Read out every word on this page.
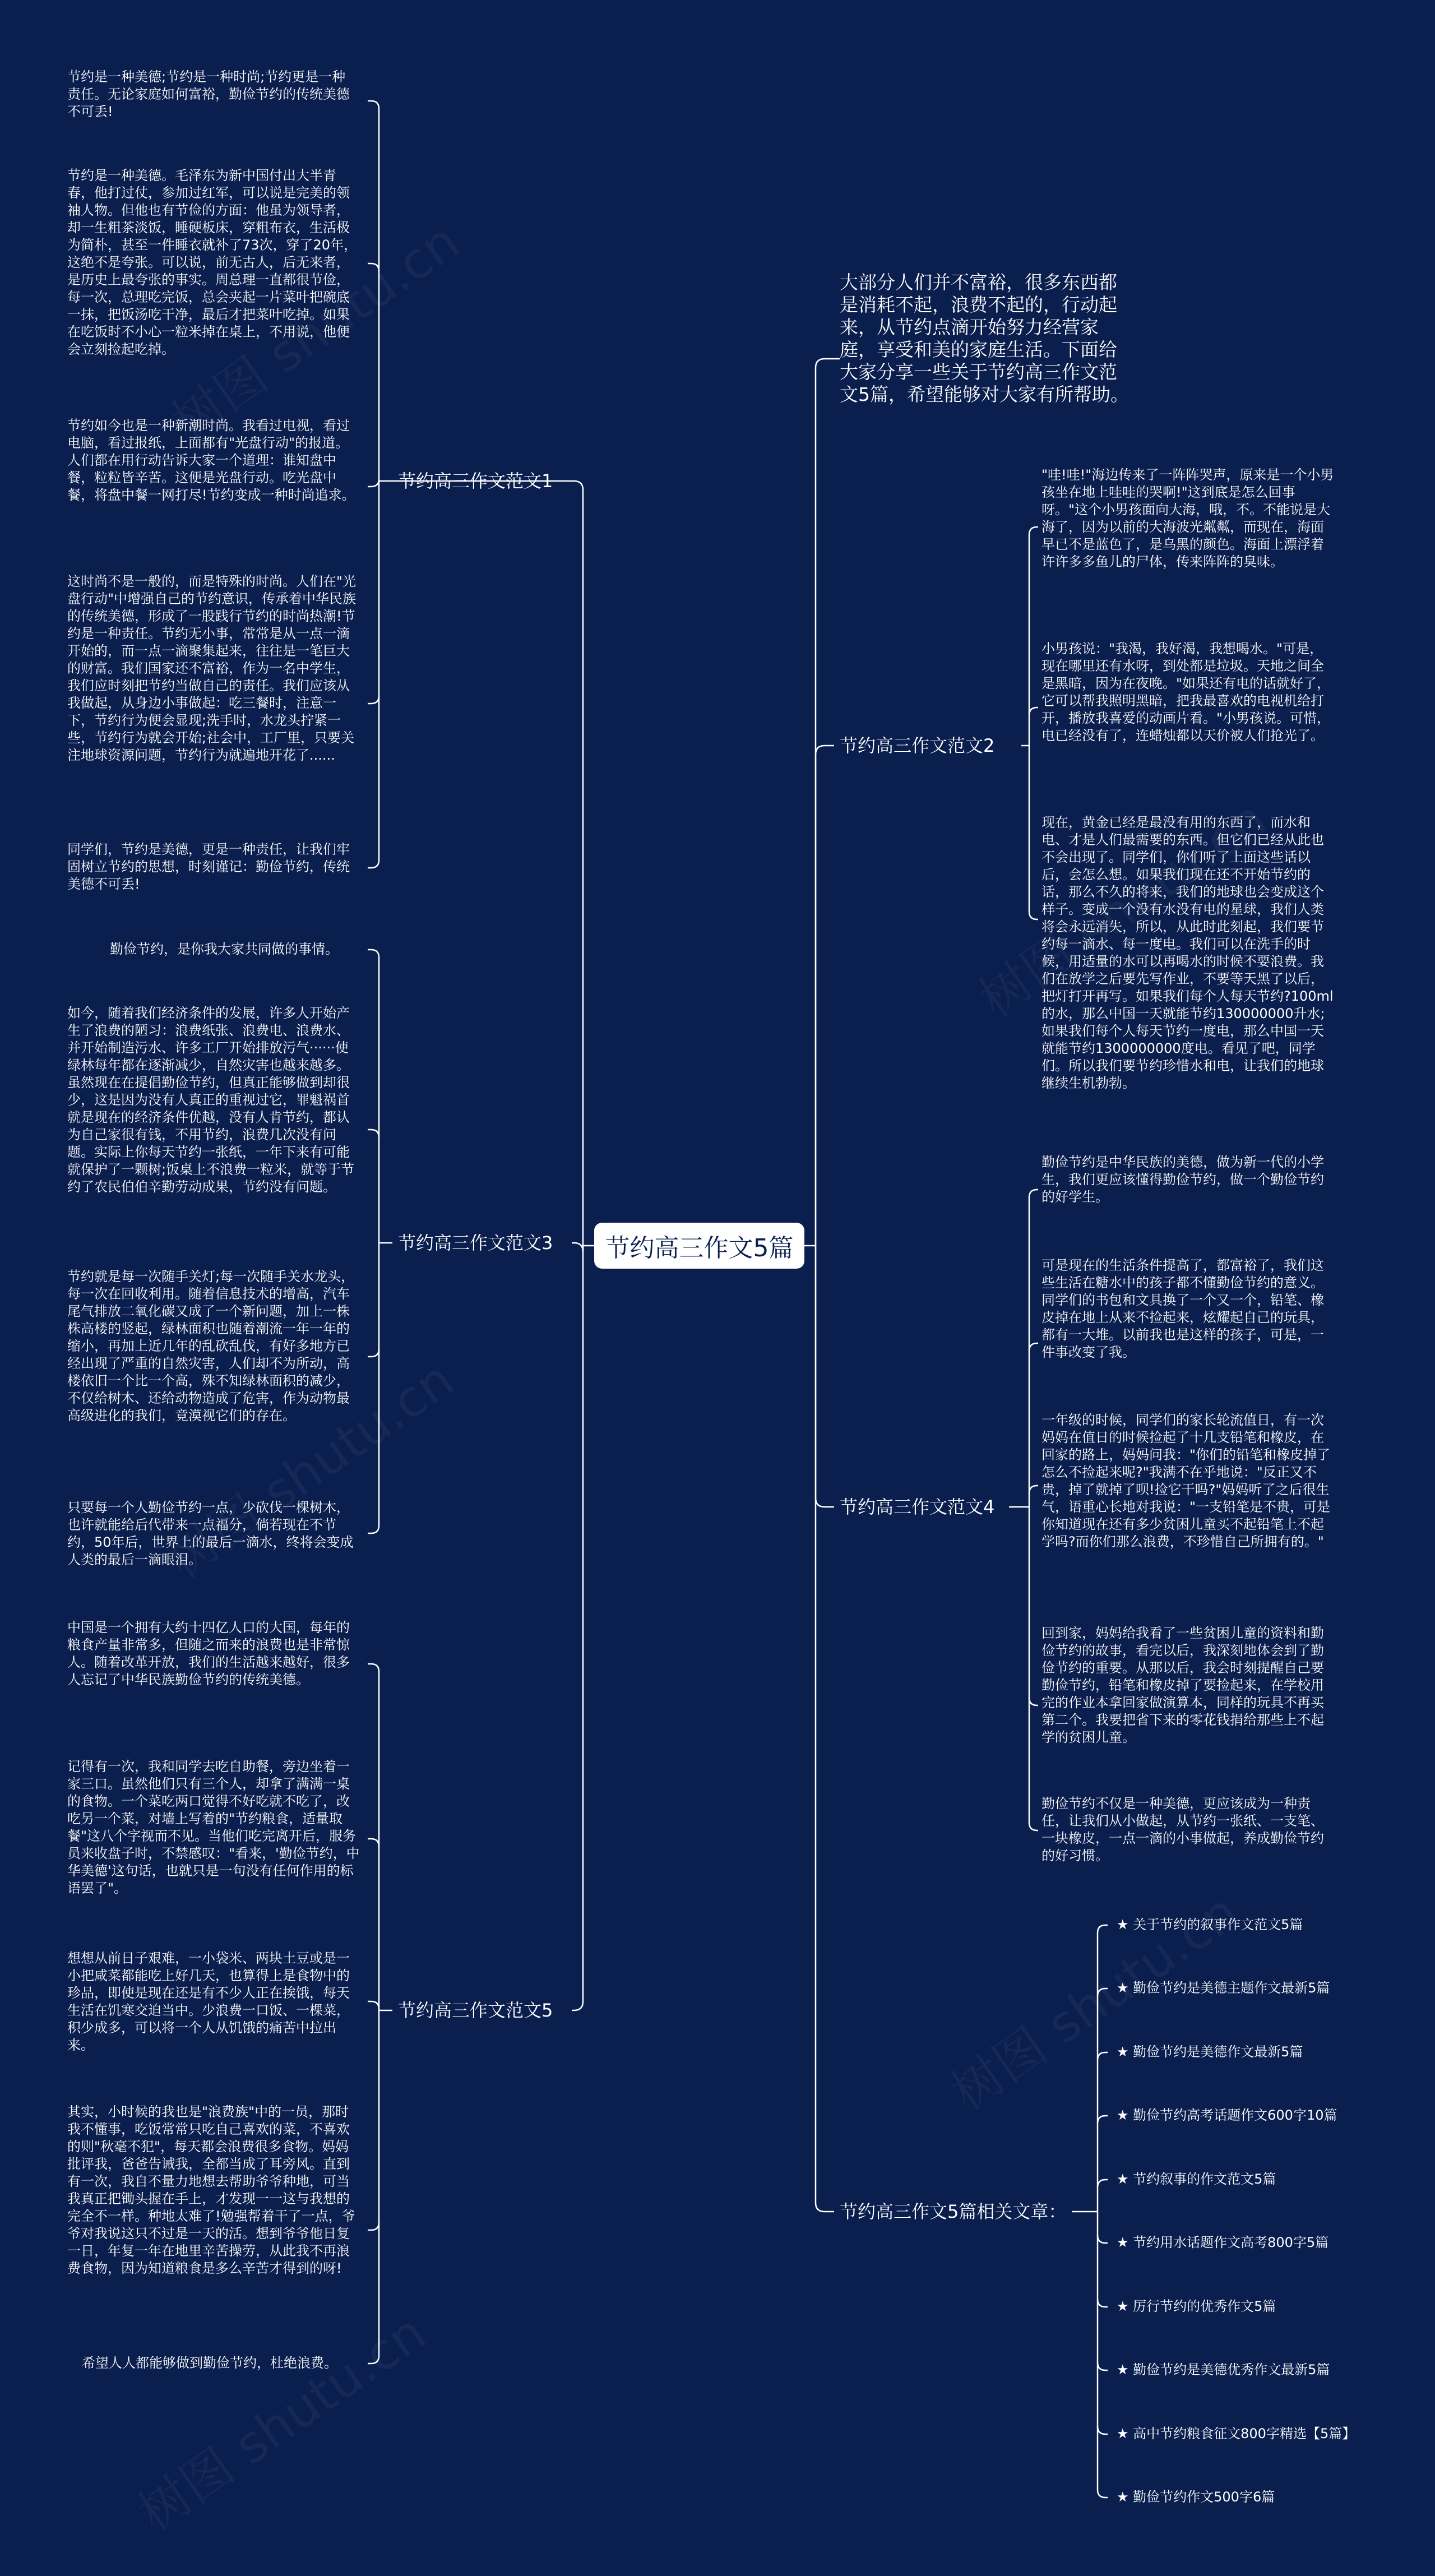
节约高三作文5篇
大部分人们并不富裕，很多东西都是消耗不起，浪费不起的，行动起来，从节约点滴开始努力经营家庭，享受和美的家庭生活。下面给大家分享一些关于节约高三作文范文5篇，希望能够对大家有所帮助。
节约高三作文范文1
节约高三作文范文3
节约高三作文范文5
节约高三作文范文2
节约高三作文范文4
节约高三作文5篇相关文章：
节约是一种美德;节约是一种时尚;节约更是一种责任。无论家庭如何富裕，勤俭节约的传统美德不可丢!
节约是一种美德。毛泽东为新中国付出大半青春，他打过仗，参加过红军，可以说是完美的领袖人物。但他也有节俭的方面：他虽为领导者，却一生粗茶淡饭，睡硬板床，穿粗布衣，生活极为简朴，甚至一件睡衣就补了73次，穿了20年，这绝不是夸张。可以说，前无古人，后无来者，是历史上最夸张的事实。周总理一直都很节俭，每一次，总理吃完饭，总会夹起一片菜叶把碗底一抹，把饭汤吃干净，最后才把菜叶吃掉。如果在吃饭时不小心一粒米掉在桌上，不用说，他便会立刻捡起吃掉。
节约如今也是一种新潮时尚。我看过电视，看过电脑，看过报纸，上面都有"光盘行动"的报道。人们都在用行动告诉大家一个道理：谁知盘中餐，粒粒皆辛苦。这便是光盘行动。吃光盘中餐，将盘中餐一网打尽!节约变成一种时尚追求。
这时尚不是一般的，而是特殊的时尚。人们在"光盘行动"中增强自己的节约意识，传承着中华民族的传统美德，形成了一股践行节约的时尚热潮!节约是一种责任。节约无小事，常常是从一点一滴开始的，而一点一滴聚集起来，往往是一笔巨大的财富。我们国家还不富裕，作为一名中学生，我们应时刻把节约当做自己的责任。我们应该从我做起，从身边小事做起：吃三餐时，注意一下，节约行为便会显现;洗手时，水龙头拧紧一些，节约行为就会开始;社会中，工厂里，只要关注地球资源问题，节约行为就遍地开花了......
同学们，节约是美德，更是一种责任，让我们牢固树立节约的思想，时刻谨记：勤俭节约，传统美德不可丢!
勤俭节约，是你我大家共同做的事情。
如今，随着我们经济条件的发展，许多人开始产生了浪费的陋习：浪费纸张、浪费电、浪费水、并开始制造污水、许多工厂开始排放污气······使绿林每年都在逐渐减少，自然灾害也越来越多。虽然现在在提倡勤俭节约，但真正能够做到却很少，这是因为没有人真正的重视过它，罪魁祸首就是现在的经济条件优越，没有人肯节约，都认为自己家很有钱，不用节约，浪费几次没有问题。实际上你每天节约一张纸，一年下来有可能就保护了一颗树;饭桌上不浪费一粒米，就等于节约了农民伯伯辛勤劳动成果，节约没有问题。
节约就是每一次随手关灯;每一次随手关水龙头，每一次在回收利用。随着信息技术的增高，汽车尾气排放二氧化碳又成了一个新问题，加上一株株高楼的竖起，绿林面积也随着潮流一年一年的缩小，再加上近几年的乱砍乱伐，有好多地方已经出现了严重的自然灾害，人们却不为所动，高楼依旧一个比一个高，殊不知绿林面积的减少，不仅给树木、还给动物造成了危害，作为动物最高级进化的我们，竟漠视它们的存在。
只要每一个人勤俭节约一点，少砍伐一棵树木，也许就能给后代带来一点福分，倘若现在不节约，50年后，世界上的最后一滴水，终将会变成人类的最后一滴眼泪。
中国是一个拥有大约十四亿人口的大国，每年的粮食产量非常多，但随之而来的浪费也是非常惊人。随着改革开放，我们的生活越来越好，很多人忘记了中华民族勤俭节约的传统美德。
记得有一次，我和同学去吃自助餐，旁边坐着一家三口。虽然他们只有三个人，却拿了满满一桌的食物。一个菜吃两口觉得不好吃就不吃了，改吃另一个菜，对墙上写着的"节约粮食，适量取餐"这八个字视而不见。当他们吃完离开后，服务员来收盘子时，不禁感叹："看来，'勤俭节约，中华美德'这句话，也就只是一句没有任何作用的标语罢了"。
想想从前日子艰难，一小袋米、两块土豆或是一小把咸菜都能吃上好几天，也算得上是食物中的珍品，即使是现在还是有不少人正在挨饿，每天生活在饥寒交迫当中。少浪费一口饭、一棵菜，积少成多，可以将一个人从饥饿的痛苦中拉出来。
其实，小时候的我也是"浪费族"中的一员，那时我不懂事，吃饭常常只吃自己喜欢的菜，不喜欢的则"秋毫不犯"，每天都会浪费很多食物。妈妈批评我，爸爸告诫我，全都当成了耳旁风。直到有一次，我自不量力地想去帮助爷爷种地，可当我真正把锄头握在手上，才发现一一这与我想的完全不一样。种地太难了!勉强帮着干了一点，爷爷对我说这只不过是一天的活。想到爷爷他日复一日，年复一年在地里辛苦操劳，从此我不再浪费食物，因为知道粮食是多么辛苦才得到的呀!
希望人人都能够做到勤俭节约，杜绝浪费。
"哇!哇!"海边传来了一阵阵哭声，原来是一个小男孩坐在地上哇哇的哭啊!"这到底是怎么回事呀。"这个小男孩面向大海，哦，不。不能说是大海了，因为以前的大海波光粼粼，而现在，海面早已不是蓝色了，是乌黑的颜色。海面上漂浮着许许多多鱼儿的尸体，传来阵阵的臭味。
小男孩说："我渴，我好渴，我想喝水。"可是，现在哪里还有水呀，到处都是垃圾。天地之间全是黑暗，因为在夜晚。"如果还有电的话就好了，它可以帮我照明黑暗，把我最喜欢的电视机给打开，播放我喜爱的动画片看。"小男孩说。可惜，电已经没有了，连蜡烛都以天价被人们抢光了。
现在，黄金已经是最没有用的东西了，而水和电、才是人们最需要的东西。但它们已经从此也不会出现了。同学们，你们听了上面这些话以后，会怎么想。如果我们现在还不开始节约的话，那么不久的将来，我们的地球也会变成这个样子。变成一个没有水没有电的星球，我们人类将会永远消失，所以，从此时此刻起，我们要节约每一滴水、每一度电。我们可以在洗手的时候，用适量的水可以再喝水的时候不要浪费。我们在放学之后要先写作业，不要等天黑了以后，把灯打开再写。如果我们每个人每天节约?100ml的水，那么中国一天就能节约130000000升水;如果我们每个人每天节约一度电，那么中国一天就能节约1300000000度电。看见了吧，同学们。所以我们要节约珍惜水和电，让我们的地球继续生机勃勃。
勤俭节约是中华民族的美德，做为新一代的小学生，我们更应该懂得勤俭节约，做一个勤俭节约的好学生。
可是现在的生活条件提高了，都富裕了，我们这些生活在糖水中的孩子都不懂勤俭节约的意义。同学们的书包和文具换了一个又一个，铅笔、橡皮掉在地上从来不捡起来，炫耀起自己的玩具，都有一大堆。以前我也是这样的孩子，可是，一件事改变了我。
一年级的时候，同学们的家长轮流值日，有一次妈妈在值日的时候捡起了十几支铅笔和橡皮，在回家的路上，妈妈问我："你们的铅笔和橡皮掉了怎么不捡起来呢?"我满不在乎地说："反正又不贵，掉了就掉了呗!捡它干吗?"妈妈听了之后很生气，语重心长地对我说："一支铅笔是不贵，可是你知道现在还有多少贫困儿童买不起铅笔上不起学吗?而你们那么浪费，不珍惜自己所拥有的。"
回到家，妈妈给我看了一些贫困儿童的资料和勤俭节约的故事，看完以后，我深刻地体会到了勤俭节约的重要。从那以后，我会时刻提醒自己要勤俭节约，铅笔和橡皮掉了要捡起来，在学校用完的作业本拿回家做演算本，同样的玩具不再买第二个。我要把省下来的零花钱捐给那些上不起学的贫困儿童。
勤俭节约不仅是一种美德，更应该成为一种责任，让我们从小做起，从节约一张纸、一支笔、一块橡皮，一点一滴的小事做起，养成勤俭节约的好习惯。
★ 关于节约的叙事作文范文5篇
★ 勤俭节约是美德主题作文最新5篇
★ 勤俭节约是美德作文最新5篇
★ 勤俭节约高考话题作文600字10篇
★ 节约叙事的作文范文5篇
★ 节约用水话题作文高考800字5篇
★ 厉行节约的优秀作文5篇
★ 勤俭节约是美德优秀作文最新5篇
★ 高中节约粮食征文800字精选【5篇】
★ 勤俭节约作文500字6篇
